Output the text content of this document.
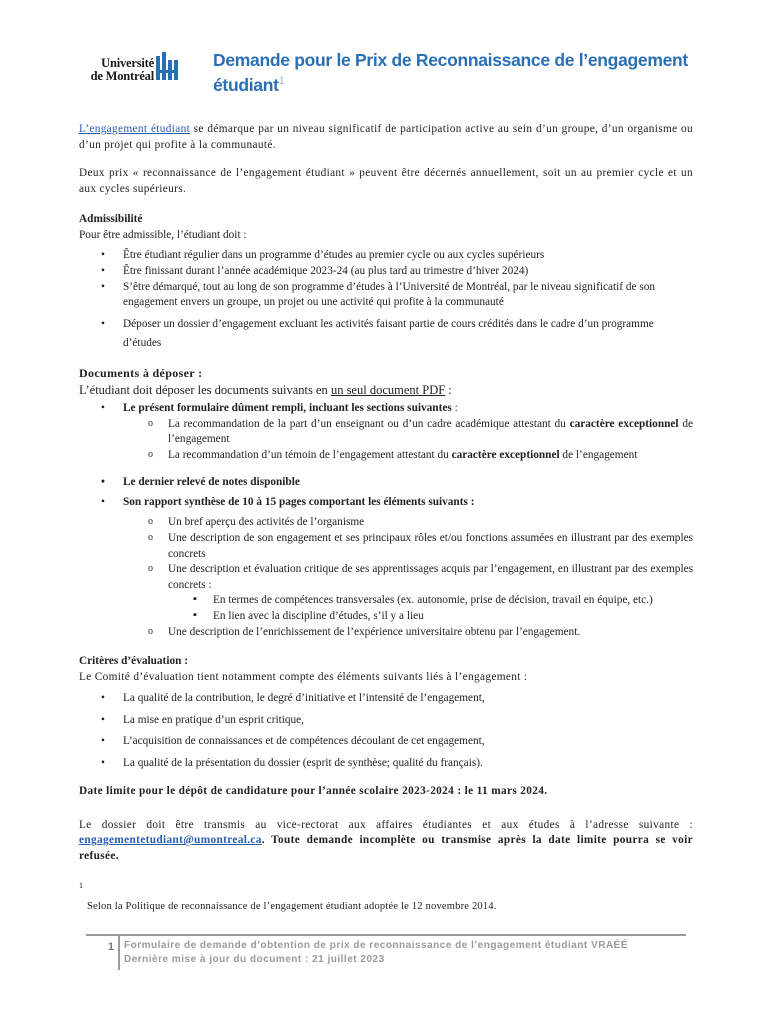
Université
de Montréal
Demande pour le Prix de Reconnaissance de l’engagement étudiant$^1$

L’engagement étudiant se démarque par un niveau significatif de participation active au sein d’un groupe, d’un organisme ou d’un projet qui profite à la communauté.

Deux prix « reconnaissance de l’engagement étudiant » peuvent être décernés annuellement, soit un au premier cycle et un aux cycles supérieurs.

Admissibilité

Pour être admissible, l’étudiant doit :

• Être étudiant régulier dans un programme d’études au premier cycle ou aux cycles supérieurs
• Être finissant durant l’année académique 2023-24 (au plus tard au trimestre d’hiver 2024)
• S’être démarqué, tout au long de son programme d’études à l’Université de Montréal, par le niveau significatif de son engagement envers un groupe, un projet ou une activité qui profite à la communauté
• Déposer un dossier d’engagement excluant les activités faisant partie de cours crédités dans le cadre d’un programme d’études

Documents à déposer :

L’étudiant doit déposer les documents suivants en un seul document PDF :

• Le présent formulaire dûment rempli, incluant les sections suivantes :
o La recommandation de la part d’un enseignant ou d’un cadre académique attestant du caractère exceptionnel de l’engagement
o La recommandation d’un témoin de l’engagement attestant du caractère exceptionnel de l’engagement
• Le dernier relevé de notes disponible
• Son rapport synthèse de 10 à 15 pages comportant les éléments suivants :
o Un bref aperçu des activités de l’organisme
o Une description de son engagement et ses principaux rôles et/ou fonctions assumées en illustrant par des exemples concrets
o Une description et évaluation critique de ses apprentissages acquis par l’engagement, en illustrant par des exemples concrets :
▪ En termes de compétences transversales (ex. autonomie, prise de décision, travail en équipe, etc.)
▪ En lien avec la discipline d’études, s’il y a lieu
o Une description de l’enrichissement de l’expérience universitaire obtenu par l’engagement.

Critères d’évaluation :

Le Comité d’évaluation tient notamment compte des éléments suivants liés à l’engagement :

• La qualité de la contribution, le degré d’initiative et l’intensité de l’engagement,
• La mise en pratique d’un esprit critique,
• L’acquisition de connaissances et de compétences découlant de cet engagement,
• La qualité de la présentation du dossier (esprit de synthèse; qualité du français).

Date limite pour le dépôt de candidature pour l’année scolaire 2023-2024 : le 11 mars 2024.

Le dossier doit être transmis au vice-rectorat aux affaires étudiantes et aux études à l’adresse suivante : engagementetudiant@umontreal.ca. Toute demande incomplète ou transmise après la date limite pourra se voir refusée.

$^1$
Selon la Politique de reconnaissance de l’engagement étudiant adoptée le 12 novembre 2014.
1 Formulaire de demande d’obtention de prix de reconnaissance de l’engagement étudiant VRAÉÉ
Dernière mise à jour du document : 21 juillet 2023
